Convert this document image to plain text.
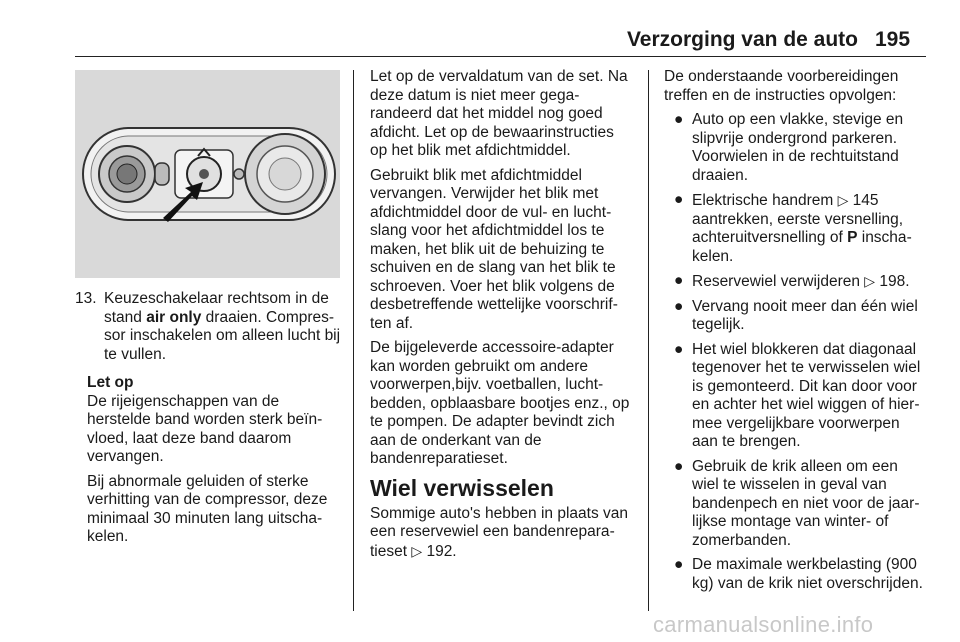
Verzorging van de auto 195
13. Keuzeschakelaar rechtsom in de stand air only draaien. Compressor inschakelen om alleen lucht bij te vullen.

Let op

De rijeigenschappen van de herstelde band worden sterk beïnvloed, laat deze band daarom vervangen.

Bij abnormale geluiden of sterke verhitting van de compressor, deze minimaal 30 minuten lang uitschakelen.

Let op de vervaldatum van de set. Na deze datum is niet meer gegarandeerd dat het middel nog goed afdicht. Let op de bewaarinstructies op het blik met afdichtmiddel.

Gebruikt blik met afdichtmiddel vervangen. Verwijder het blik met afdichtmiddel door de vul- en luchtslang voor het afdichtmiddel los te maken, het blik uit de behuizing te schuiven en de slang van het blik te schroeven. Voer het blik volgens de desbetreffende wettelijke voorschriften af.

De bijgeleverde accessoire-adapter kan worden gebruikt om andere voorwerpen,bijv. voetballen, luchtbedden, opblaasbare bootjes enz., op te pompen. De adapter bevindt zich aan de onderkant van de bandenreparatieset.

Wiel verwisselen

Sommige auto's hebben in plaats van een reservewiel een bandenreparatieset ▷ 192.

De onderstaande voorbereidingen treffen en de instructies opvolgen:

● Auto op een vlakke, stevige en slipvrije ondergrond parkeren. Voorwielen in de rechtuitstand draaien.
● Elektrische handrem ▷ 145 aantrekken, eerste versnelling, achteruitversnelling of P inschakelen.
● Reservewiel verwijderen ▷ 198.
● Vervang nooit meer dan één wiel tegelijk.
● Het wiel blokkeren dat diagonaal tegenover het te verwisselen wiel is gemonteerd. Dit kan door voor en achter het wiel wiggen of hiermee vergelijkbare voorwerpen aan te brengen.
● Gebruik de krik alleen om een wiel te wisselen in geval van bandenpech en niet voor de jaarlijkse montage van winter- of zomerbanden.
● De maximale werkbelasting (900 kg) van de krik niet overschrijden.
carmanualsonline.info
